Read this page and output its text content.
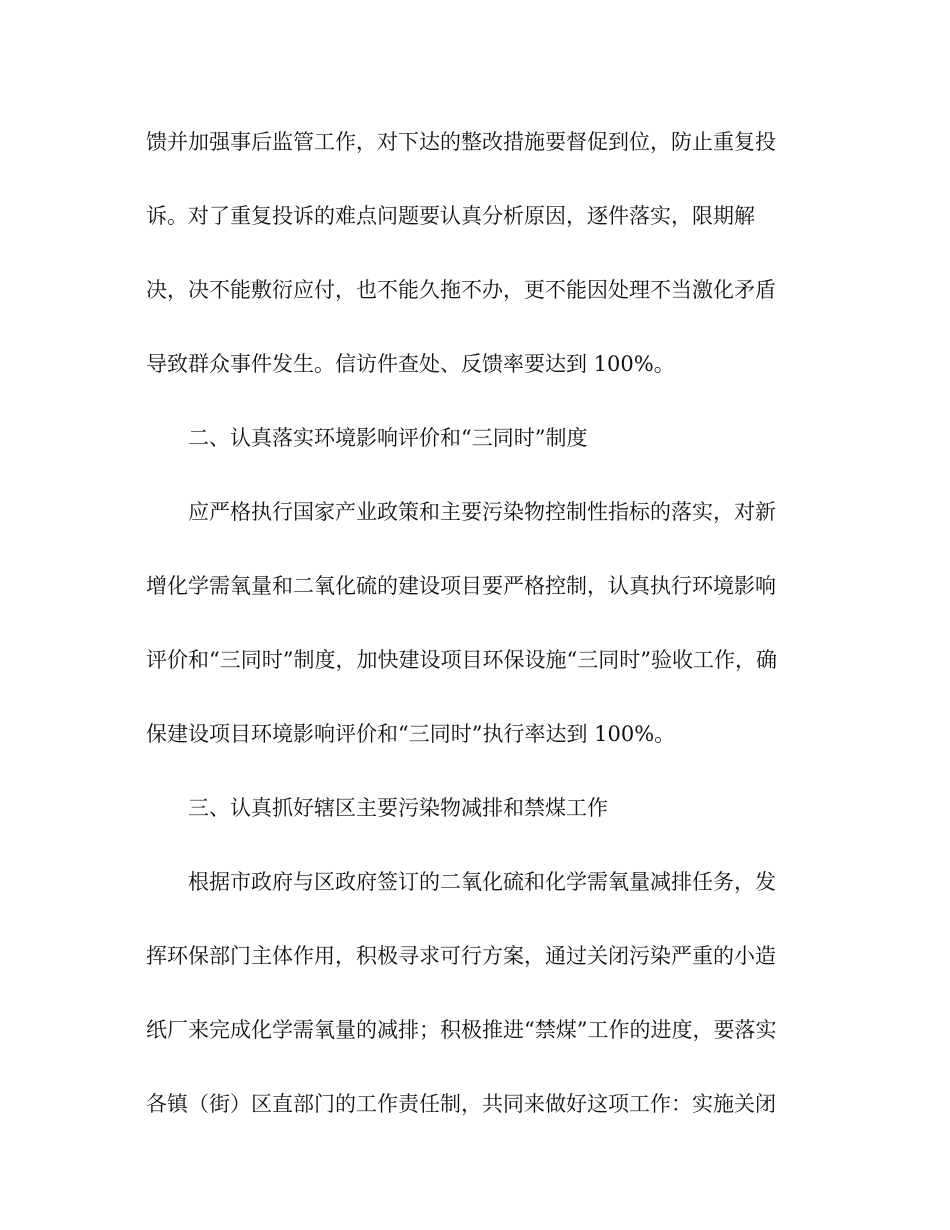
馈并加强事后监管工作，对下达的整改措施要督促到位，防止重复投
诉。对了重复投诉的难点问题要认真分析原因，逐件落实，限期解
决，决不能敷衍应付，也不能久拖不办，更不能因处理不当激化矛盾
导致群众事件发生。信访件查处、反馈率要达到 100%。
二、认真落实环境影响评价和“三同时”制度
应严格执行国家产业政策和主要污染物控制性指标的落实，对新
增化学需氧量和二氧化硫的建设项目要严格控制，认真执行环境影响
评价和“三同时”制度，加快建设项目环保设施“三同时”验收工作，确
保建设项目环境影响评价和“三同时”执行率达到 100%。
三、认真抓好辖区主要污染物减排和禁煤工作
根据市政府与区政府签订的二氧化硫和化学需氧量减排任务，发
挥环保部门主体作用，积极寻求可行方案，通过关闭污染严重的小造
纸厂来完成化学需氧量的减排；积极推进“禁煤”工作的进度，要落实
各镇（街）区直部门的工作责任制，共同来做好这项工作：实施关闭
